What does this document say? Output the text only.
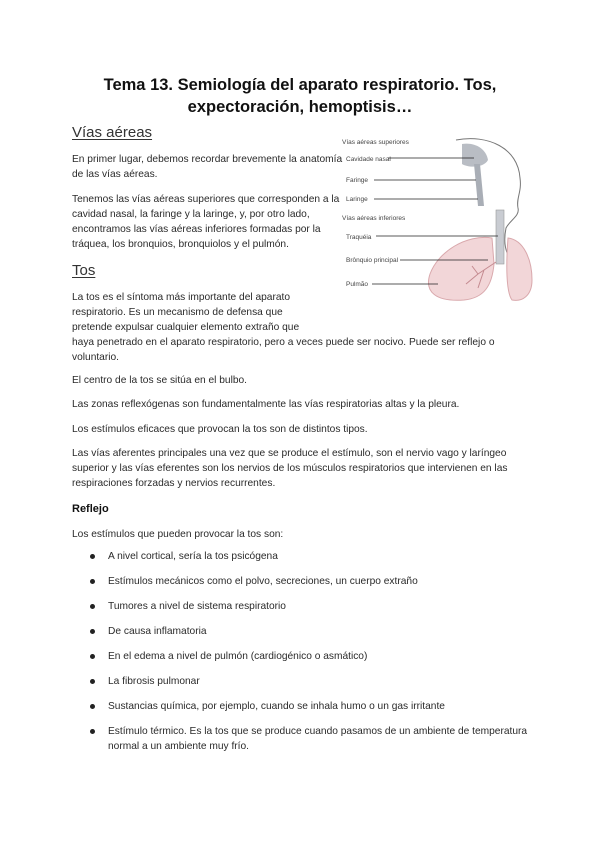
Tema 13. Semiología del aparato respiratorio. Tos,
expectoración, hemoptisis…
Vías aéreas
En primer lugar, debemos recordar brevemente la anatomía de las vías aéreas.
Tenemos las vías aéreas superiores que corresponden a la cavidad nasal, la faringe y la laringe, y, por otro lado, encontramos las vías aéreas inferiores formadas por la tráquea, los bronquios, bronquiolos y el pulmón.
Vías aéreas superiores
Cavidade nasal
Faringe
Laringe
Vías aéreas inferiores
Traquéia
Brônquio principal
Pulmão
Tos
La tos es el síntoma más importante del aparato
respiratorio. Es un mecanismo de defensa que
pretende expulsar cualquier elemento extraño que
haya penetrado en el aparato respiratorio, pero a veces puede ser nocivo. Puede ser reflejo o voluntario.
El centro de la tos se sitúa en el bulbo.
Las zonas reflexógenas son fundamentalmente las vías respiratorias altas y la pleura.
Los estímulos eficaces que provocan la tos son de distintos tipos.
Las vías aferentes principales una vez que se produce el estímulo, son el nervio vago y laríngeo superior y las vías eferentes son los nervios de los músculos respiratorios que intervienen en las respiraciones forzadas y nervios recurrentes.
Reflejo
Los estímulos que pueden provocar la tos son:
A nivel cortical, sería la tos psicógena
Estímulos mecánicos como el polvo, secreciones, un cuerpo extraño
Tumores a nivel de sistema respiratorio
De causa inflamatoria
En el edema a nivel de pulmón (cardiogénico o asmático)
La fibrosis pulmonar
Sustancias química, por ejemplo, cuando se inhala humo o un gas irritante
Estímulo térmico. Es la tos que se produce cuando pasamos de un ambiente de temperatura normal a un ambiente muy frío.
